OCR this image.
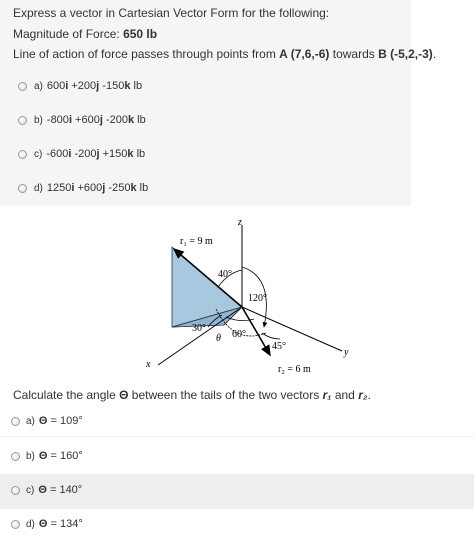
Express a vector in Cartesian Vector Form for the following:
Magnitude of Force: 650 lb
Line of action of force passes through points from A (7,6,-6) towards B (-5,2,-3).
a) 600i +200j -150k lb
b) -800i +600j -200k lb
c) -600i -200j +150k lb
d) 1250i +600j -250k lb
z
x
y
r₁ = 9 m
r₂ = 6 m
40°
120°
30°
60°
45°
θ
Calculate the angle Θ between the tails of the two vectors r₁ and r₂.
a) Θ = 109°
b) Θ = 160°
c) Θ = 140°
d) Θ = 134°
